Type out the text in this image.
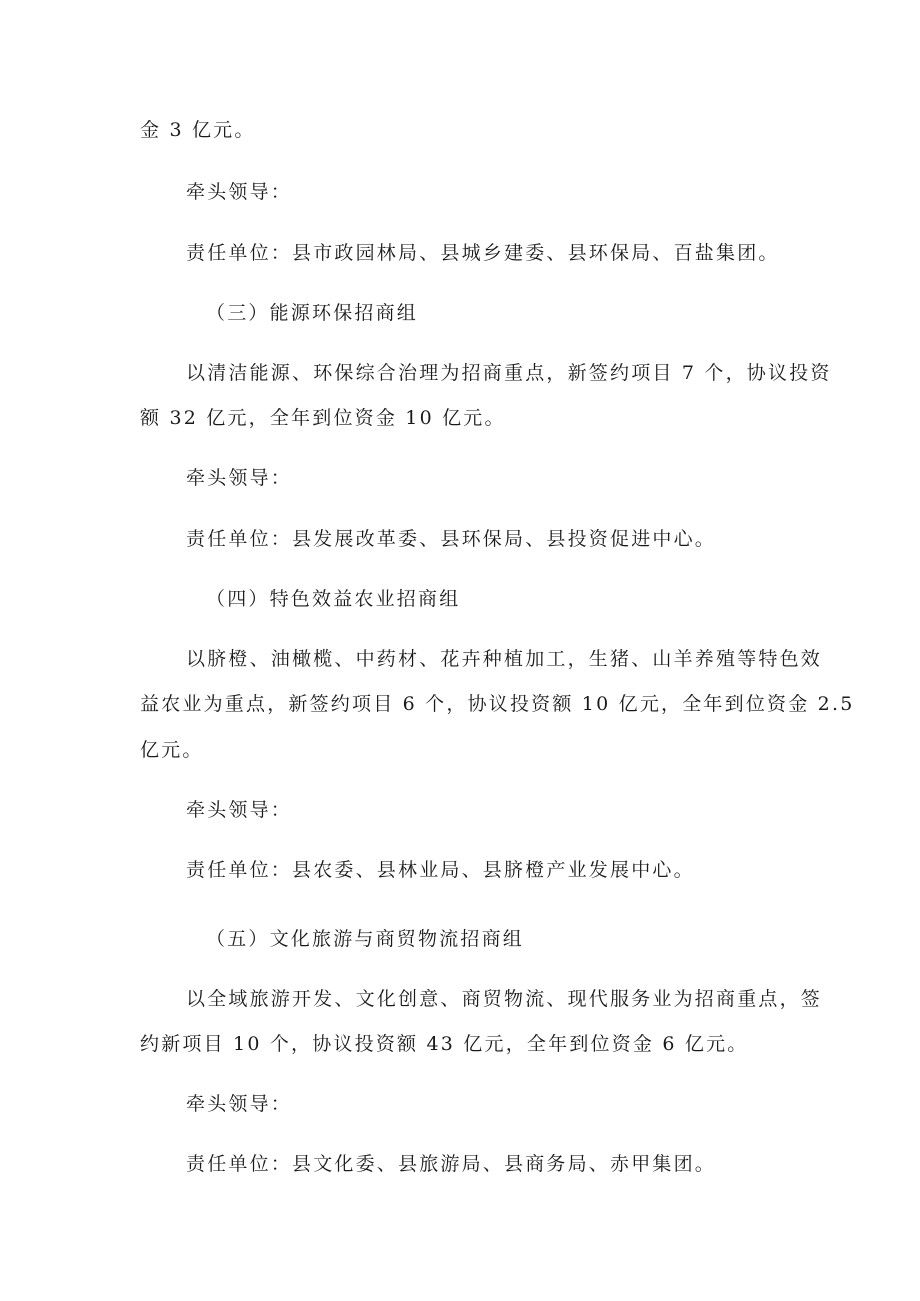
金 3 亿元。
牵头领导：
责任单位：县市政园林局、县城乡建委、县环保局、百盐集团。
（三）能源环保招商组
以清洁能源、环保综合治理为招商重点，新签约项目 7 个，协议投资
额 32 亿元，全年到位资金 10 亿元。
牵头领导：
责任单位：县发展改革委、县环保局、县投资促进中心。
（四）特色效益农业招商组
以脐橙、油橄榄、中药材、花卉种植加工，生猪、山羊养殖等特色效
益农业为重点，新签约项目 6 个，协议投资额 10 亿元，全年到位资金 2.5
亿元。
牵头领导：
责任单位：县农委、县林业局、县脐橙产业发展中心。
（五）文化旅游与商贸物流招商组
以全域旅游开发、文化创意、商贸物流、现代服务业为招商重点，签
约新项目 10 个，协议投资额 43 亿元，全年到位资金 6 亿元。
牵头领导：
责任单位：县文化委、县旅游局、县商务局、赤甲集团。
